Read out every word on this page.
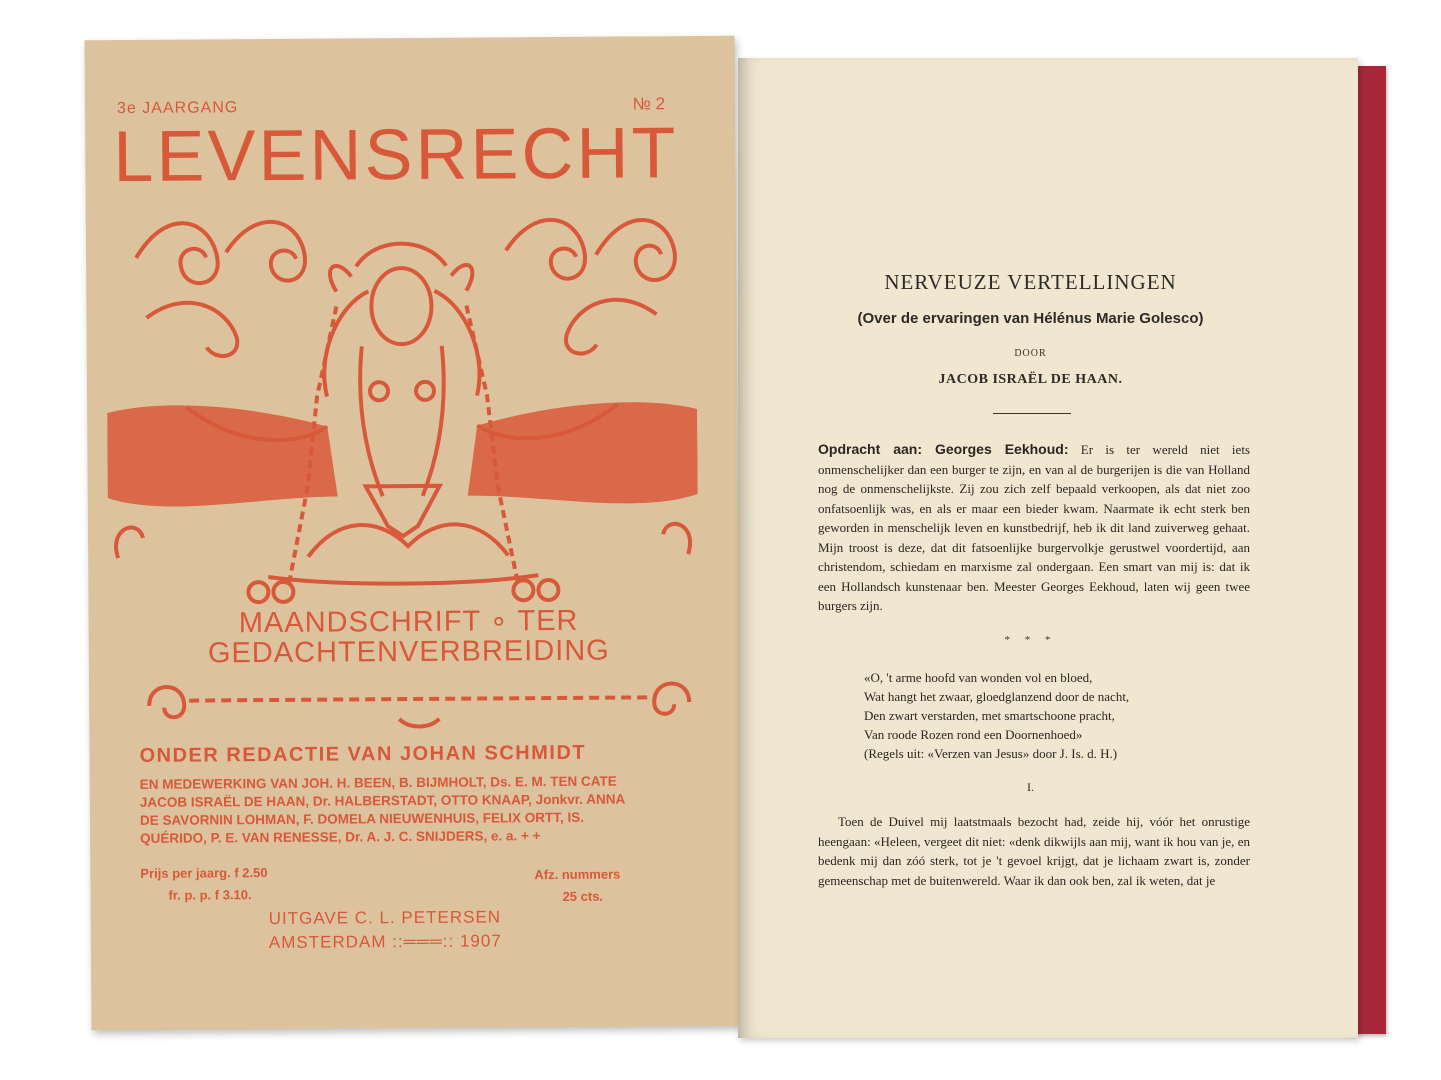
3e JAARGANG	№ 2
LEVENSRECHT
MAANDSCHRIFT ∘ TER
GEDACHTENVERBREIDING
ONDER REDACTIE VAN JOHAN SCHMIDT
EN MEDEWERKING VAN JOH. H. BEEN, B. BIJMHOLT, Ds. E. M. TEN CATE JACOB ISRAËL DE HAAN, Dr. HALBERSTADT, OTTO KNAAP, Jonkvr. ANNA DE SAVORNIN LOHMAN, F. DOMELA NIEUWENHUIS, FELIX ORTT, IS. QUÉRIDO, P. E. VAN RENESSE, Dr. A. J. C. SNIJDERS, e. a. + +
Prijs per jaarg. f 2.50
fr. p. p. f 3.10.
Afz. nummers
25 cts.
UITGAVE C. L. PETERSEN
AMSTERDAM ::═══:: 1907
NERVEUZE VERTELLINGEN
(Over de ervaringen van Hélénus Marie Golesco)
DOOR
JACOB ISRAËL DE HAAN.
Opdracht aan: Georges Eekhoud: Er is ter wereld niet iets onmenschelijker dan een burger te zijn, en van al de burgerijen is die van Holland nog de onmenschelijkste. Zij zou zich zelf bepaald verkoopen, als dat niet zoo onfatsoenlijk was, en als er maar een bieder kwam. Naarmate ik echt sterk ben geworden in menschelijk leven en kunstbedrijf, heb ik dit land zuiverweg gehaat. Mijn troost is deze, dat dit fatsoenlijke burgervolkje gerustwel voordertijd, aan christendom, schiedam en marxisme zal ondergaan. Een smart van mij is: dat ik een Hollandsch kunstenaar ben. Meester Georges Eekhoud, laten wij geen twee burgers zijn.
* * *
«O, 't arme hoofd van wonden vol en bloed,
Wat hangt het zwaar, gloedglanzend door de nacht,
Den zwart verstarden, met smartschoone pracht,
Van roode Rozen rond een Doornenhoed»
(Regels uit: «Verzen van Jesus» door J. Is. d. H.)
I.
Toen de Duivel mij laatstmaals bezocht had, zeide hij, vóór het onrustige heengaan: «Heleen, vergeet dit niet: «denk dikwijls aan mij, want ik hou van je, en bedenk mij dan zóó sterk, tot je 't gevoel krijgt, dat je lichaam zwart is, zonder gemeenschap met de buitenwereld. Waar ik dan ook ben, zal ik weten, dat je
